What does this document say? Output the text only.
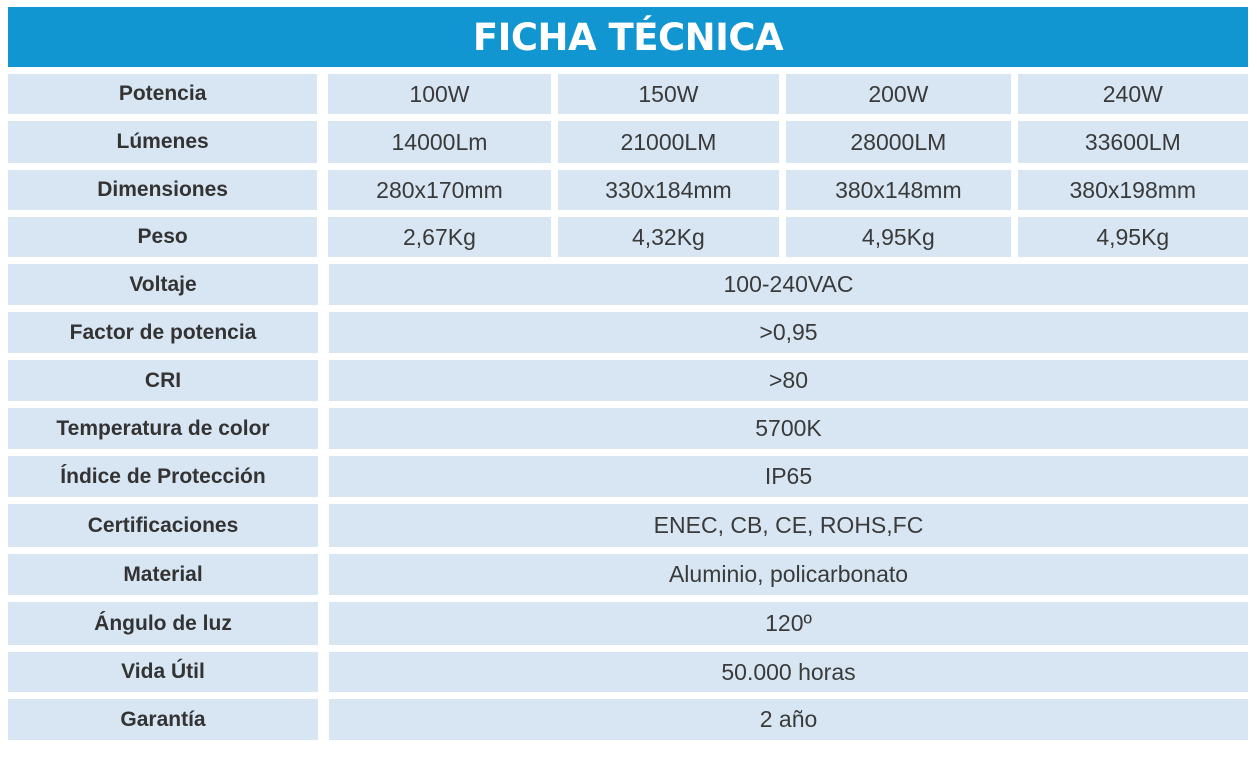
FICHA TÉCNICA
Potencia	100W	150W	200W	240W
Lúmenes	14000Lm	21000LM	28000LM	33600LM
Dimensiones	280x170mm	330x184mm	380x148mm	380x198mm
Peso	2,67Kg	4,32Kg	4,95Kg	4,95Kg
Voltaje	100-240VAC
Factor de potencia	>0,95
CRI	>80
Temperatura de color	5700K
Índice de Protección	IP65
Certificaciones	ENEC, CB, CE, ROHS,FC
Material	Aluminio, policarbonato
Ángulo de luz	120º
Vida Útil	50.000 horas
Garantía	2 año
